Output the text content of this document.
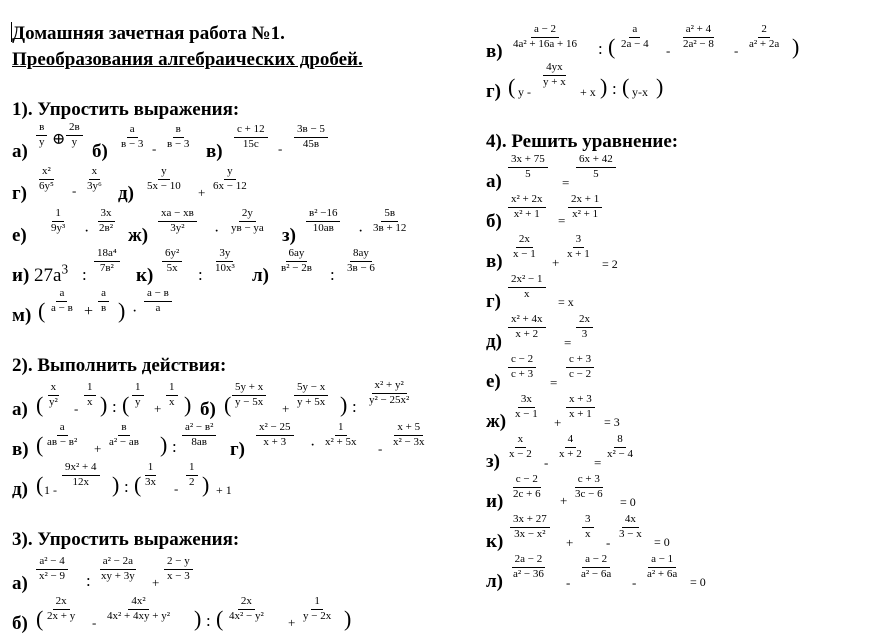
Домашняя зачетная работа №1.
Преобразования алгебраических дробей.
1). Упростить выражения:
а)
в
y ⊕
2в
y б)
a
в − 3 -
в
в − 3 в)
c + 12
15c -
3в − 5
45в
г)
x²
6y⁵ -
x
3y⁶ д)
y
5x − 10 +
y
6x − 12
е)
1
9y³ ·
3x
2в² ж)
xa − xв
3y² ·
2y
yв − ya з)
в² −16
10aв ·
5в
3в + 12
и) $27a^3$ :
18a⁴
7в² к)
6y²
5x :
3y
10x³ л)
6ay
в² − 2в :
8ay
3в − 6
м) (
a
a − в +
a
в ) ·
a − в
a
2). Выполнить действия:
а) (
x
y² -
1
x ) : (
1
y +
1
x ) б) (
5y + x
y − 5x +
5y − x
y + 5x ) :
x² + y²
y² − 25x²
в) (
a
aв − в² +
в
a² − aв ) :
a² − в²
8aв г)
x² − 25
x + 3 ·
1
x² + 5x -
x + 5
x² − 3x
д) ( 1 -
9x² + 4
12x ) : (
1
3x -
1
2 ) + 1
3). Упростить выражения:
а)
a² − 4
x² − 9 :
a² − 2a
xy + 3y +
2 − y
x − 3
б) (
2x
2x + y -
4x²
4x² + 4xy + y² ) : (
2x
4x² − y² +
1
y − 2x )
в)
a − 2
4a² + 16a + 16 : (
a
2a − 4 -
a² + 4
2a² − 8 -
2
a² + 2a )
г) ( y -
4yx
y + x
+ x ) : ( y-x )
4). Решить уравнение:
а)
3x + 75
5
=
6x + 42
5
б)
x² + 2x
x² + 1 =
2x + 1
x² + 1
в)
2x
x − 1
+
3
x + 1
= 2
г)
2x² − 1
x
= x
д)
x² + 4x
x + 2
=
2x
3
е)
c − 2
c + 3
=
c + 3
c − 2
ж)
3x
x − 1
+
x + 3
x + 1
= 3
з)
x
x − 2
-
4
x + 2
=
8
x² − 4
и)
c − 2
2c + 6 +
c + 3
3c − 6
= 0
к)
3x + 27
3x − x²
+
3
x
-
4x
3 − x
= 0
л)
2a − 2
a² − 36
-
a − 2
a² − 6a
-
a − 1
a² + 6a
= 0
